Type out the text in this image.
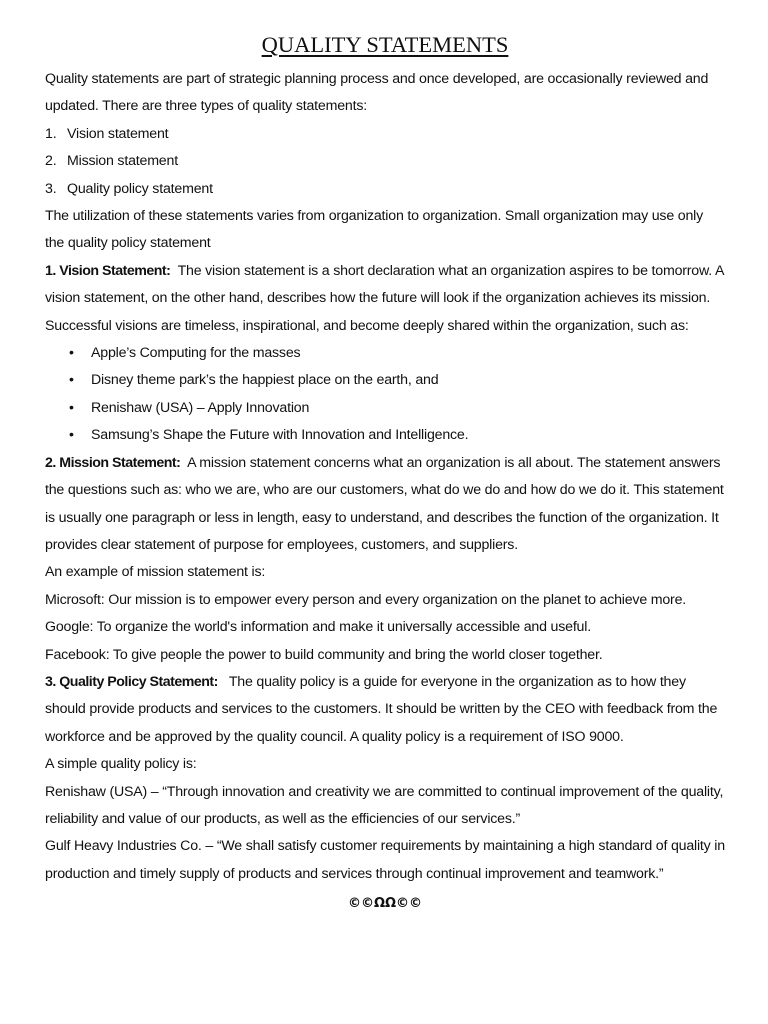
QUALITY STATEMENTS

Quality statements are part of strategic planning process and once developed, are occasionally reviewed and updated. There are three types of quality statements:

1. Vision statement
2. Mission statement
3. Quality policy statement

The utilization of these statements varies from organization to organization. Small organization may use only the quality policy statement

1. Vision Statement: The vision statement is a short declaration what an organization aspires to be tomorrow. A vision statement, on the other hand, describes how the future will look if the organization achieves its mission.

Successful visions are timeless, inspirational, and become deeply shared within the organization, such as:

• Apple’s Computing for the masses
• Disney theme park’s the happiest place on the earth, and
• Renishaw (USA) – Apply Innovation
• Samsung’s Shape the Future with Innovation and Intelligence.

2. Mission Statement: A mission statement concerns what an organization is all about. The statement answers the questions such as: who we are, who are our customers, what do we do and how do we do it. This statement is usually one paragraph or less in length, easy to understand, and describes the function of the organization. It provides clear statement of purpose for employees, customers, and suppliers.

An example of mission statement is:

Microsoft: Our mission is to empower every person and every organization on the planet to achieve more.

Google: To organize the world's information and make it universally accessible and useful.

Facebook: To give people the power to build community and bring the world closer together.

3. Quality Policy Statement: The quality policy is a guide for everyone in the organization as to how they should provide products and services to the customers. It should be written by the CEO with feedback from the workforce and be approved by the quality council. A quality policy is a requirement of ISO 9000.

A simple quality policy is:

Renishaw (USA) – “Through innovation and creativity we are committed to continual improvement of the quality, reliability and value of our products, as well as the efficiencies of our services.”

Gulf Heavy Industries Co. – “We shall satisfy customer requirements by maintaining a high standard of quality in production and timely supply of products and services through continual improvement and teamwork.”

©©ΩΩ©©
